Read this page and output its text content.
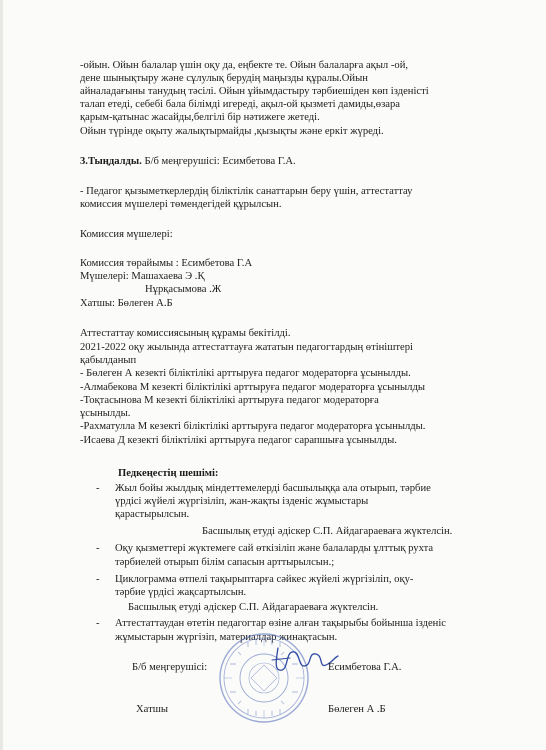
-ойын. Ойын балалар үшін оқу да, еңбекте те. Ойын балаларға ақыл -ой,
дене шынықтыру және сұлулық берудің маңызды құралы.Ойын
айналадағыны танудың тәсілі. Ойын ұйымдастыру тәрбиешіден көп ізденісті
талап етеді, себебі бала білімді игереді, ақыл-ой қызметі дамиды,өзара
қарым-қатынас жасайды,белгілі бір нәтижеге жетеді.
Ойын түрінде оқыту жалықтырмайды ,қызықты және еркіт жүреді.
3.Тыңдалды. Б/б меңгерушісі: Есимбетова Г.А.
- Педагог қызыметкерлердің біліктілік санаттарын беру үшін, аттестаттау
комиссия мүшелері төмендегідей құрылсын.
Комиссия мүшелері:
Комиссия төрайымы : Есимбетова Г.А
Мүшелері: Машахаева Э .Қ
Нұрқасымова .Ж
Хатшы: Бөлеген А.Б
Аттестаттау комиссиясының құрамы бекітілді.
2021-2022 оқу жылында аттестаттауға жататын педагогтардың өтініштері
қабылданып
- Бөлеген А кезекті біліктілікі арттыруға педагог модераторға ұсынылды.
-Алмабекова М кезекті біліктілікі арттыруға педагог модераторға ұсынылды
-Тоқтасынова М кезекті біліктілікі арттыруға педагог модераторға
ұсынылды.
-Рахматулла М кезекті біліктілікі арттыруға педагог модераторға ұсынылды.
-Исаева Д кезекті біліктілікі арттыруға педагог сарапшыға ұсынылды.
Педкеңестің шешімі:
- Жыл бойы жылдық міндеттемелерді басшылыққа ала отырып, тәрбие
үрдісі жүйелі жүргізіліп, жан-жақты ізденіс жұмыстары
қарастырылсын.
Басшылық етуді әдіскер С.П. Айдагараеваға жүктелсін.
- Оқу қызметтері жүктемеге сай өткізіліп және балаларды ұлттық рухта
тәрбиелей отырып білім сапасын арттырылсын.;
- Циклограмма өтпелі тақырыптарға сәйкес жүйелі жүргізіліп, оқу-
тәрбие үрдісі жақсартылсын.
Басшылық етуді әдіскер С.П. Айдагараеваға жүктелсін.
- Аттестаттаудан өтетін педагогтар өзіне алған тақырыбы бойынша ізденіс
жұмыстарын жүргізіп, материалдар жинақтасын.
Б/б меңгерушісі:	Есимбетова Г.А.
Хатшы	Бөлеген А .Б
